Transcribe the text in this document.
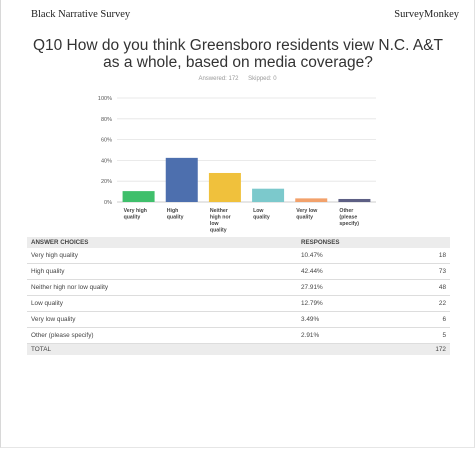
Black Narrative Survey	SurveyMonkey
Q10 How do you think Greensboro residents view N.C. A&T as a whole, based on media coverage?
Answered: 172 Skipped: 0
0%
20%
40%
60%
80%
100%
Very high quality
High quality
Neither high nor low quality
Low quality
Very low quality
Other (please specify)
ANSWER CHOICES	RESPONSES	
Very high quality	10.47%	18
High quality	42.44%	73
Neither high nor low quality	27.91%	48
Low quality	12.79%	22
Very low quality	3.49%	6
Other (please specify)	2.91%	5
TOTAL		172
